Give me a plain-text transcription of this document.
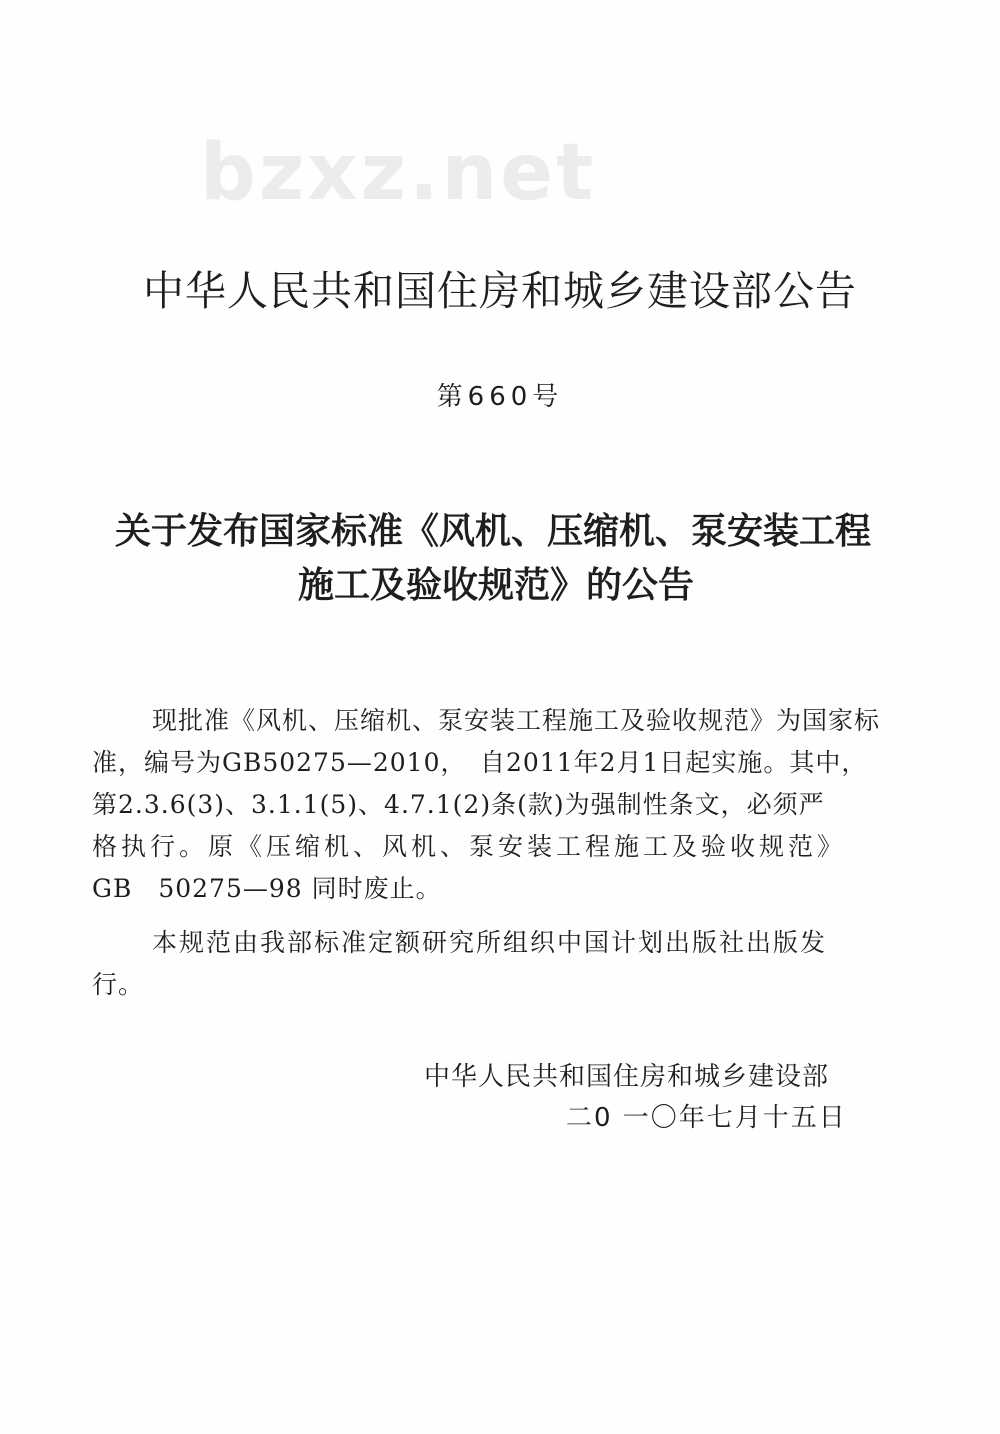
bzxz.net
中华人民共和国住房和城乡建设部公告
第660号
关于发布国家标准《风机、压缩机、泵安装工程
施工及验收规范》的公告
现批准《风机、压缩机、泵安装工程施工及验收规范》为国家标
准，编号为GB50275—2010，　自2011年2月1日起实施。其中，
第2.3.6(3)、3.1.1(5)、4.7.1(2)条(款)为强制性条文，必须严
格执行。原《压缩机、风机、泵安装工程施工及验收规范》
GB　50275—98 同时废止。
本规范由我部标准定额研究所组织中国计划出版社出版发
行。
中华人民共和国住房和城乡建设部
二0 一〇年七月十五日
